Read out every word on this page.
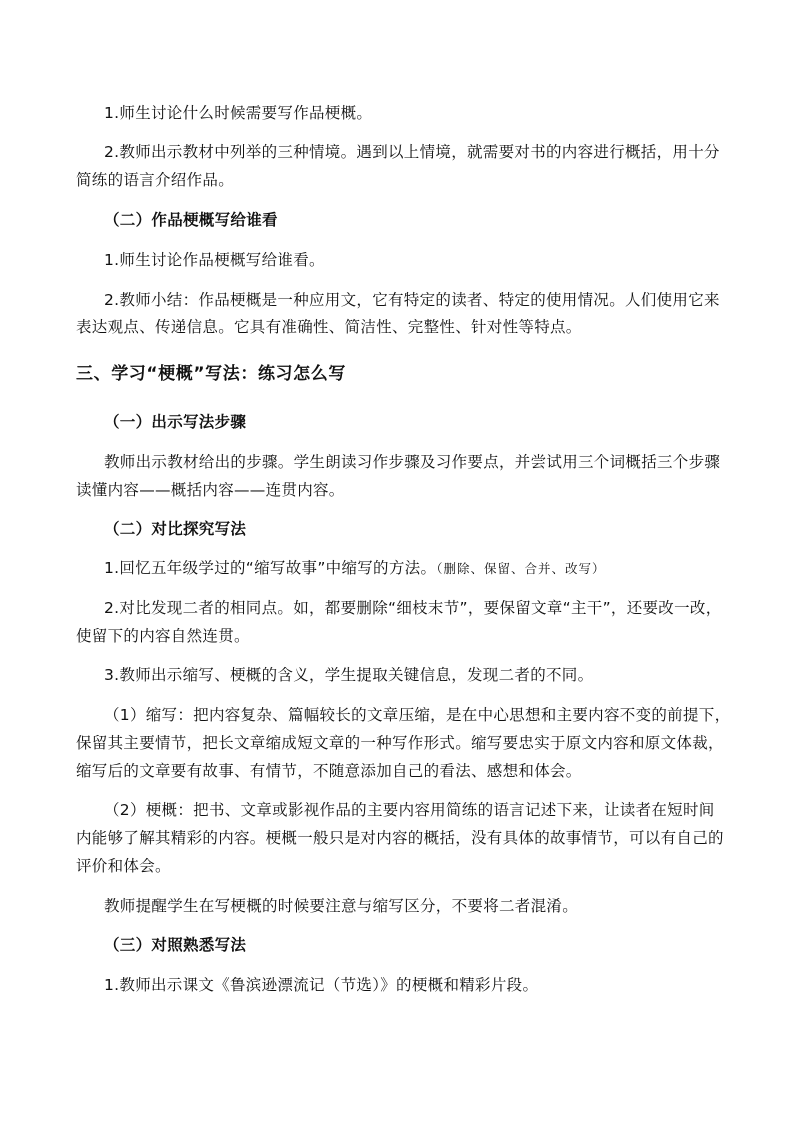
1.师生讨论什么时候需要写作品梗概。
2.教师出示教材中列举的三种情境。遇到以上情境，就需要对书的内容进行概括，用十分
简练的语言介绍作品。
（二）作品梗概写给谁看
1.师生讨论作品梗概写给谁看。
2.教师小结：作品梗概是一种应用文，它有特定的读者、特定的使用情况。人们使用它来
表达观点、传递信息。它具有准确性、简洁性、完整性、针对性等特点。
三、学习“梗概”写法：练习怎么写
（一）出示写法步骤
教师出示教材给出的步骤。学生朗读习作步骤及习作要点，并尝试用三个词概括三个步骤
读懂内容——概括内容——连贯内容。
（二）对比探究写法
1.回忆五年级学过的“缩写故事”中缩写的方法。（删除、保留、合并、改写）
2.对比发现二者的相同点。如，都要删除“细枝末节”，要保留文章“主干”，还要改一改，
使留下的内容自然连贯。
3.教师出示缩写、梗概的含义，学生提取关键信息，发现二者的不同。
（1）缩写：把内容复杂、篇幅较长的文章压缩，是在中心思想和主要内容不变的前提下，
保留其主要情节，把长文章缩成短文章的一种写作形式。缩写要忠实于原文内容和原文体裁，
缩写后的文章要有故事、有情节，不随意添加自己的看法、感想和体会。
（2）梗概：把书、文章或影视作品的主要内容用简练的语言记述下来，让读者在短时间
内能够了解其精彩的内容。梗概一般只是对内容的概括，没有具体的故事情节，可以有自己的
评价和体会。
教师提醒学生在写梗概的时候要注意与缩写区分，不要将二者混淆。
（三）对照熟悉写法
1.教师出示课文《鲁滨逊漂流记（节选）》的梗概和精彩片段。
